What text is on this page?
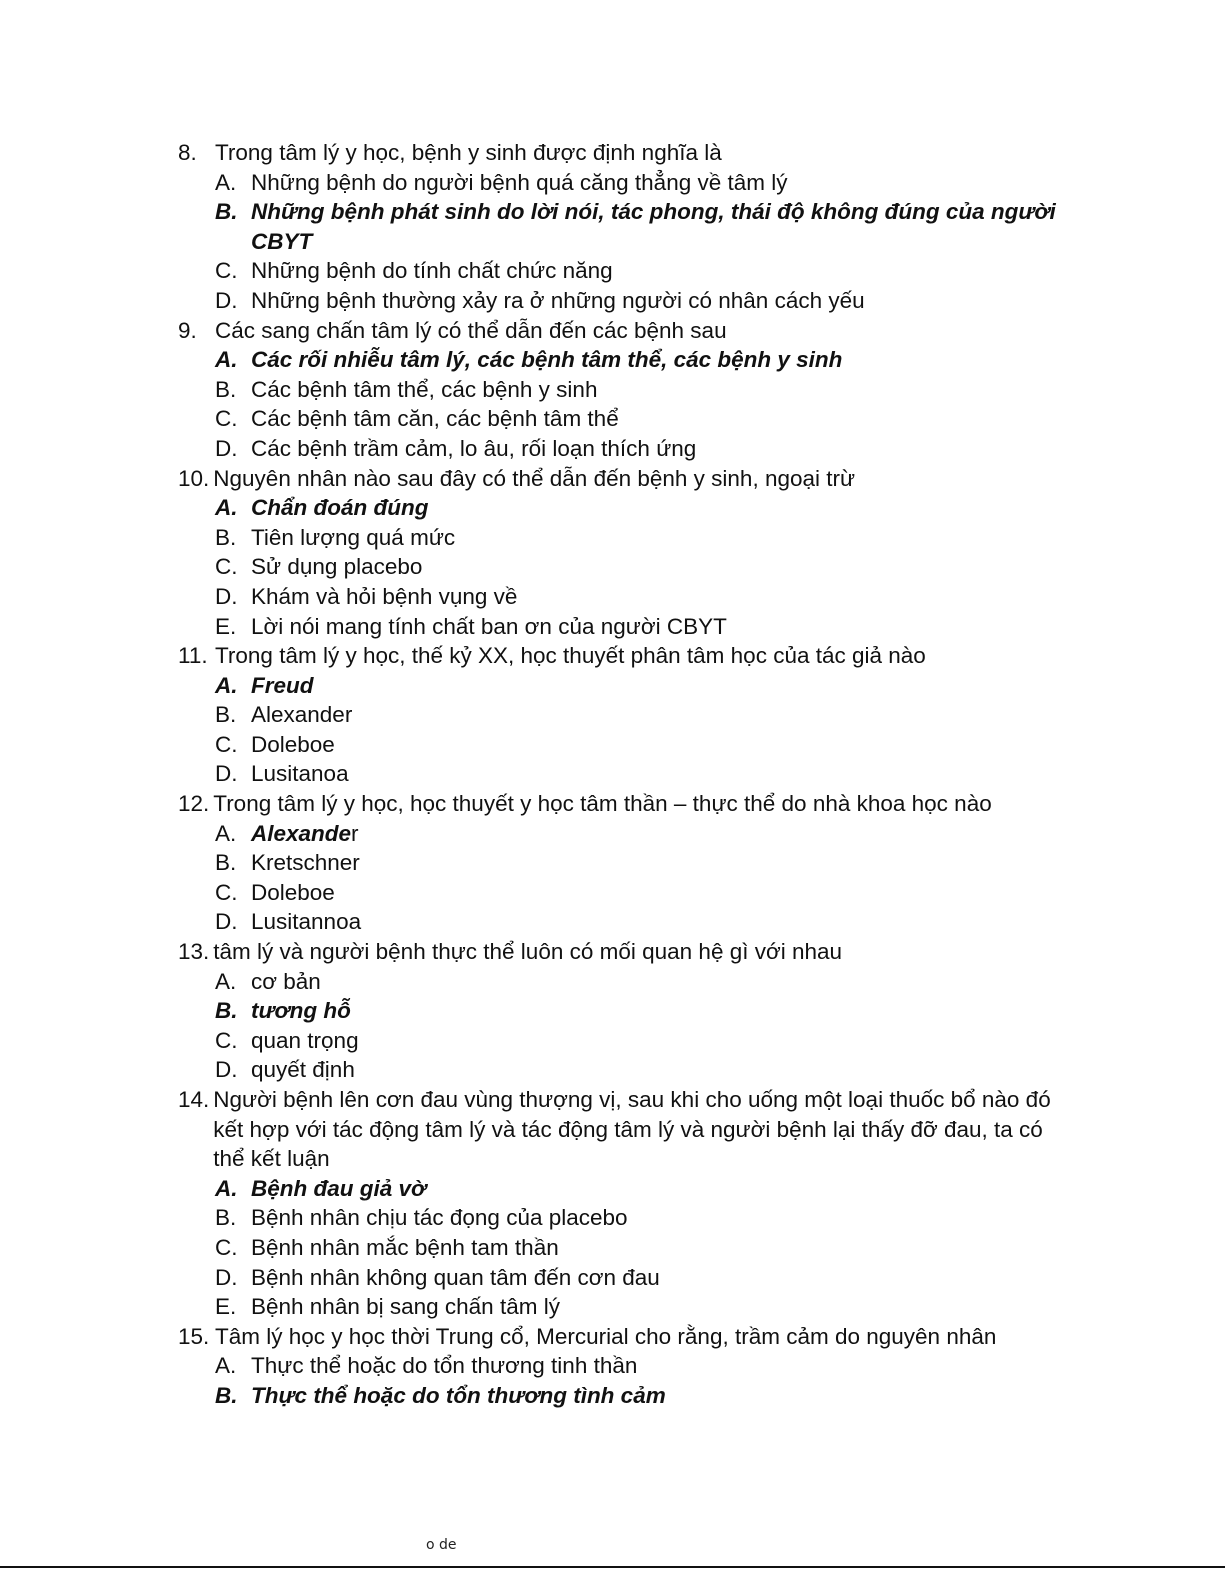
8. Trong tâm lý y học, bệnh y sinh được định nghĩa là
A. Những bệnh do người bệnh quá căng thẳng về tâm lý
B. Những bệnh phát sinh do lời nói, tác phong, thái độ không đúng của người CBYT
C. Những bệnh do tính chất chức năng
D. Những bệnh thường xảy ra ở những người có nhân cách yếu
9. Các sang chấn tâm lý có thể dẫn đến các bệnh sau
A. Các rối nhiễu tâm lý, các bệnh tâm thể, các bệnh y sinh
B. Các bệnh tâm thể, các bệnh y sinh
C. Các bệnh tâm căn, các bệnh tâm thể
D. Các bệnh trầm cảm, lo âu, rối loạn thích ứng
10. Nguyên nhân nào sau đây có thể dẫn đến bệnh y sinh, ngoại trừ
A. Chẩn đoán đúng
B. Tiên lượng quá mức
C. Sử dụng placebo
D. Khám và hỏi bệnh vụng về
E. Lời nói mang tính chất ban ơn của người CBYT
11. Trong tâm lý y học, thế kỷ XX, học thuyết phân tâm học của tác giả nào
A. Freud
B. Alexander
C. Doleboe
D. Lusitanoa
12. Trong tâm lý y học, học thuyết y học tâm thần – thực thể do nhà khoa học nào
A. Alexander
B. Kretschner
C. Doleboe
D. Lusitannoa
13. tâm lý và người bệnh thực thể luôn có mối quan hệ gì với nhau
A. cơ bản
B. tương hỗ
C. quan trọng
D. quyết định
14. Người bệnh lên cơn đau vùng thượng vị, sau khi cho uống một loại thuốc bổ nào đó kết hợp với tác động tâm lý và tác động tâm lý và người bệnh lại thấy đỡ đau, ta có thể kết luận
A. Bệnh đau giả vờ
B. Bệnh nhân chịu tác đọng của placebo
C. Bệnh nhân mắc bệnh tam thần
D. Bệnh nhân không quan tâm đến cơn đau
E. Bệnh nhân bị sang chấn tâm lý
15. Tâm lý học y học thời Trung cổ, Mercurial cho rằng, trầm cảm do nguyên nhân
A. Thực thể hoặc do tổn thương tinh thần
B. Thực thể hoặc do tổn thương tình cảm
o de
